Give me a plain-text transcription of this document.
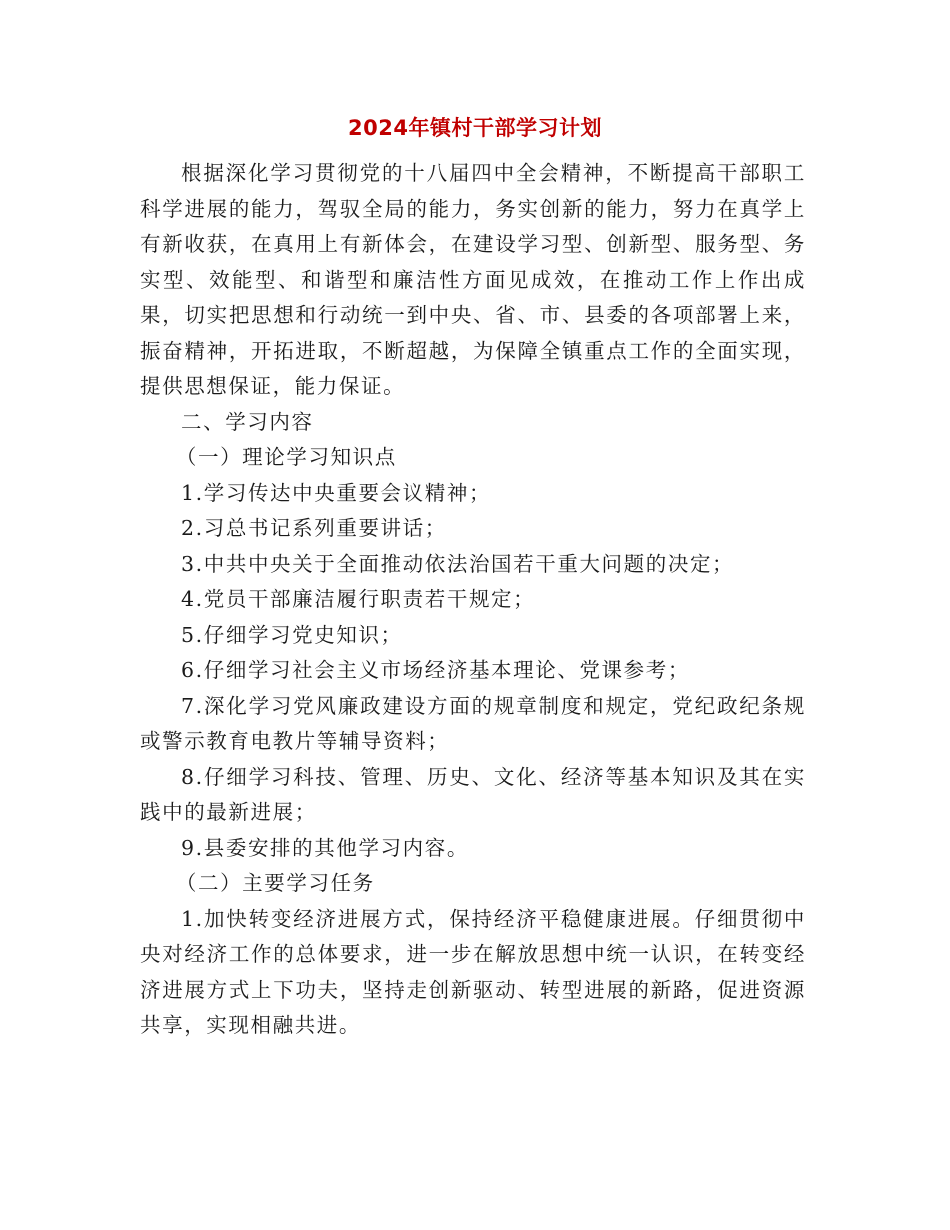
2024年镇村干部学习计划

根据深化学习贯彻党的十八届四中全会精神，不断提高干部职工科学进展的能力，驾驭全局的能力，务实创新的能力，努力在真学上有新收获，在真用上有新体会，在建设学习型、创新型、服务型、务实型、效能型、和谐型和廉洁性方面见成效，在推动工作上作出成果，切实把思想和行动统一到中央、省、市、县委的各项部署上来，振奋精神，开拓进取，不断超越，为保障全镇重点工作的全面实现，提供思想保证，能力保证。

二、学习内容

（一）理论学习知识点

1.学习传达中央重要会议精神；

2.习总书记系列重要讲话；

3.中共中央关于全面推动依法治国若干重大问题的决定；

4.党员干部廉洁履行职责若干规定；

5.仔细学习党史知识；

6.仔细学习社会主义市场经济基本理论、党课参考；

7.深化学习党风廉政建设方面的规章制度和规定，党纪政纪条规或警示教育电教片等辅导资料；

8.仔细学习科技、管理、历史、文化、经济等基本知识及其在实践中的最新进展；

9.县委安排的其他学习内容。

（二）主要学习任务

1.加快转变经济进展方式，保持经济平稳健康进展。仔细贯彻中央对经济工作的总体要求，进一步在解放思想中统一认识，在转变经济进展方式上下功夫，坚持走创新驱动、转型进展的新路，促进资源共享，实现相融共进。
